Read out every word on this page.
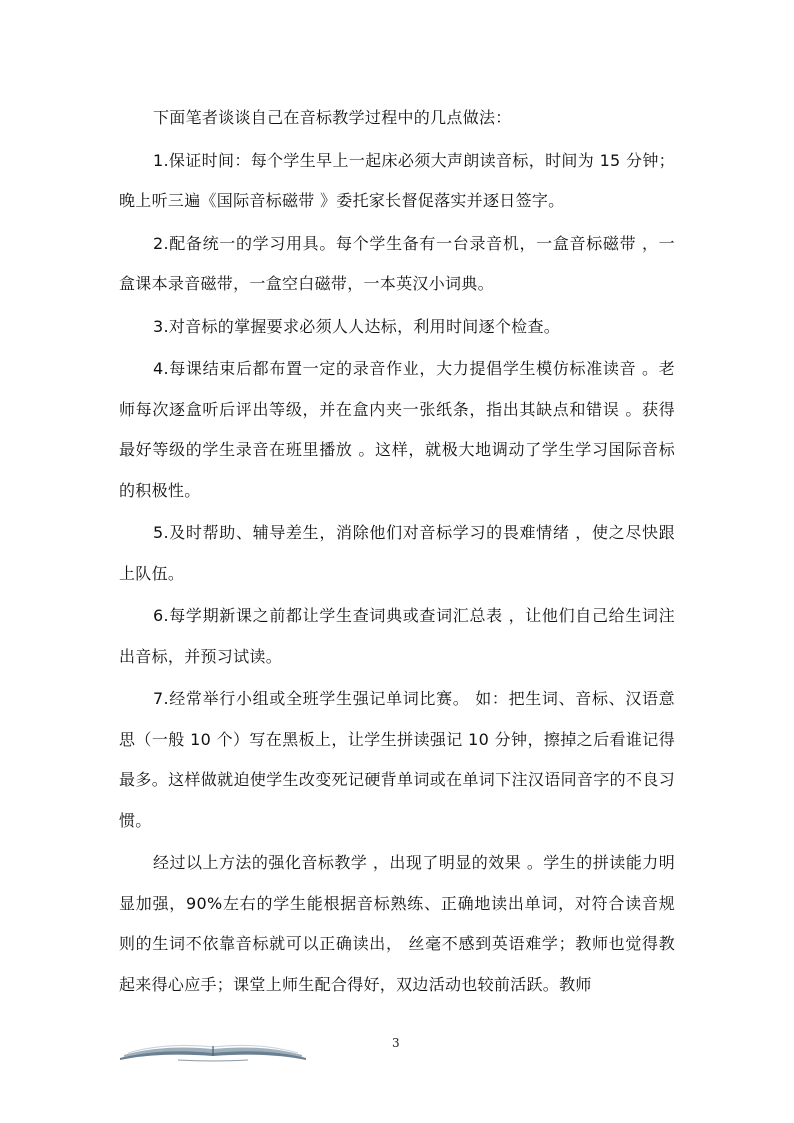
下面笔者谈谈自己在音标教学过程中的几点做法：

1.保证时间：每个学生早上一起床必须大声朗读音标，时间为 15 分钟；晚上听三遍《国际音标磁带 》委托家长督促落实并逐日签字。

2.配备统一的学习用具。每个学生备有一台录音机，一盒音标磁带 ，一盒课本录音磁带，一盒空白磁带，一本英汉小词典。

3.对音标的掌握要求必须人人达标，利用时间逐个检查。

4.每课结束后都布置一定的录音作业，大力提倡学生模仿标准读音 。老师每次逐盒听后评出等级，并在盒内夹一张纸条，指出其缺点和错误 。获得最好等级的学生录音在班里播放 。这样，就极大地调动了学生学习国际音标的积极性。

5.及时帮助、辅导差生，消除他们对音标学习的畏难情绪 ，使之尽快跟上队伍。

6.每学期新课之前都让学生查词典或查词汇总表 ，让他们自己给生词注出音标，并预习试读。

7.经常举行小组或全班学生强记单词比赛。 如：把生词、音标、汉语意思（一般 10 个）写在黑板上，让学生拼读强记 10 分钟，擦掉之后看谁记得最多。这样做就迫使学生改变死记硬背单词或在单词下注汉语同音字的不良习惯。

经过以上方法的强化音标教学 ，出现了明显的效果 。学生的拼读能力明显加强，90%左右的学生能根据音标熟练、正确地读出单词，对符合读音规则的生词不依靠音标就可以正确读出， 丝毫不感到英语难学；教师也觉得教起来得心应手；课堂上师生配合得好，双边活动也较前活跃。教师

3
